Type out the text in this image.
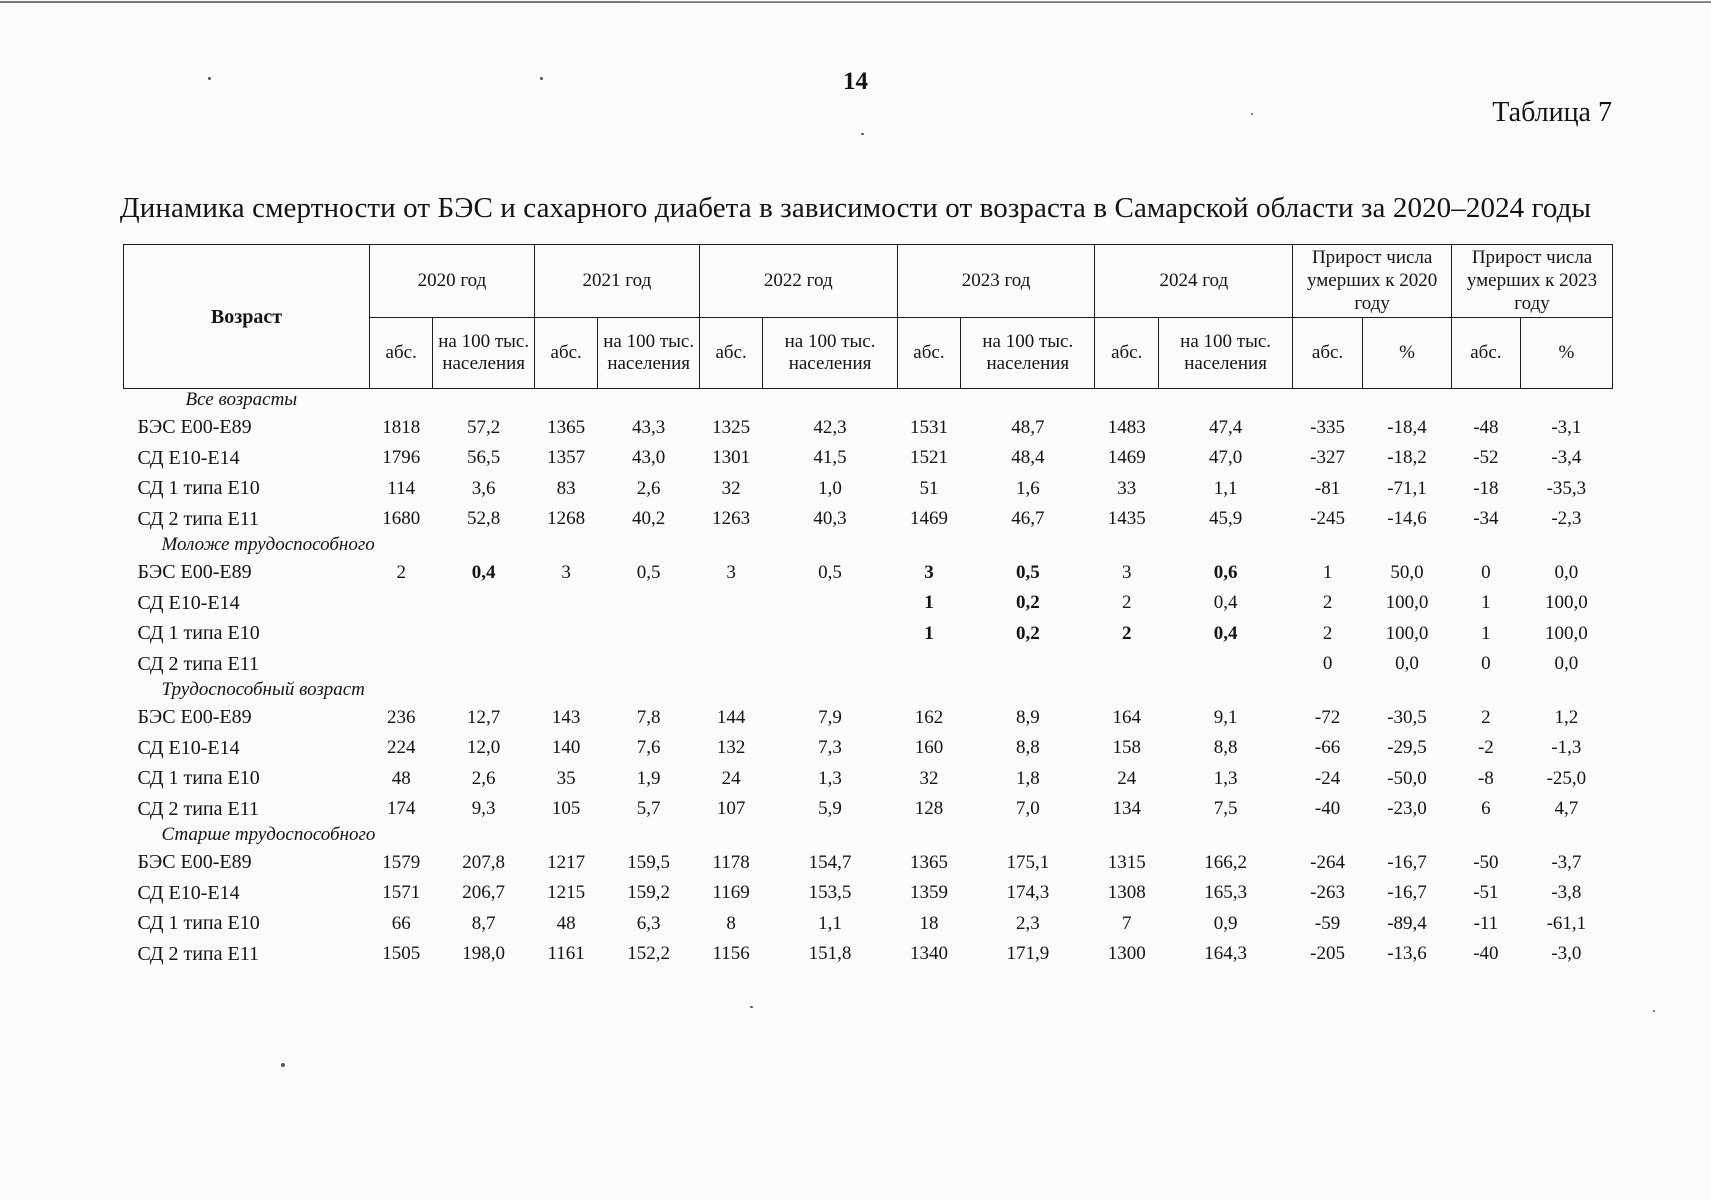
14
Таблица 7
Динамика смертности от БЭС и сахарного диабета в зависимости от возраста в Самарской области за 2020–2024 годы
Возраст	2020 год		2021 год		2022 год		2023 год		2024 год		Прирост числа умерших к 2020 году		Прирост числа умерших к 2023 году	
	абс.	на 100 тыс. населения	абс.	на 100 тыс. населения	абс.	на 100 тыс. населения	абс.	на 100 тыс. населения	абс.	на 100 тыс. населения	абс.	%	абс.	%
Все возрасты														
БЭС Е00-Е89	1818	57,2	1365	43,3	1325	42,3	1531	48,7	1483	47,4	-335	-18,4	-48	-3,1
СД Е10-Е14	1796	56,5	1357	43,0	1301	41,5	1521	48,4	1469	47,0	-327	-18,2	-52	-3,4
СД 1 типа Е10	114	3,6	83	2,6	32	1,0	51	1,6	33	1,1	-81	-71,1	-18	-35,3
СД 2 типа Е11	1680	52,8	1268	40,2	1263	40,3	1469	46,7	1435	45,9	-245	-14,6	-34	-2,3
Моложе трудоспособного														
БЭС Е00-Е89	2	0,4	3	0,5	3	0,5	3	0,5	3	0,6	1	50,0	0	0,0
СД Е10-Е14							1	0,2	2	0,4	2	100,0	1	100,0
СД 1 типа Е10							1	0,2	2	0,4	2	100,0	1	100,0
СД 2 типа Е11											0	0,0	0	0,0
Трудоспособный возраст														
БЭС Е00-Е89	236	12,7	143	7,8	144	7,9	162	8,9	164	9,1	-72	-30,5	2	1,2
СД Е10-Е14	224	12,0	140	7,6	132	7,3	160	8,8	158	8,8	-66	-29,5	-2	-1,3
СД 1 типа Е10	48	2,6	35	1,9	24	1,3	32	1,8	24	1,3	-24	-50,0	-8	-25,0
СД 2 типа Е11	174	9,3	105	5,7	107	5,9	128	7,0	134	7,5	-40	-23,0	6	4,7
Старше трудоспособного														
БЭС Е00-Е89	1579	207,8	1217	159,5	1178	154,7	1365	175,1	1315	166,2	-264	-16,7	-50	-3,7
СД Е10-Е14	1571	206,7	1215	159,2	1169	153,5	1359	174,3	1308	165,3	-263	-16,7	-51	-3,8
СД 1 типа Е10	66	8,7	48	6,3	8	1,1	18	2,3	7	0,9	-59	-89,4	-11	-61,1
СД 2 типа Е11	1505	198,0	1161	152,2	1156	151,8	1340	171,9	1300	164,3	-205	-13,6	-40	-3,0
